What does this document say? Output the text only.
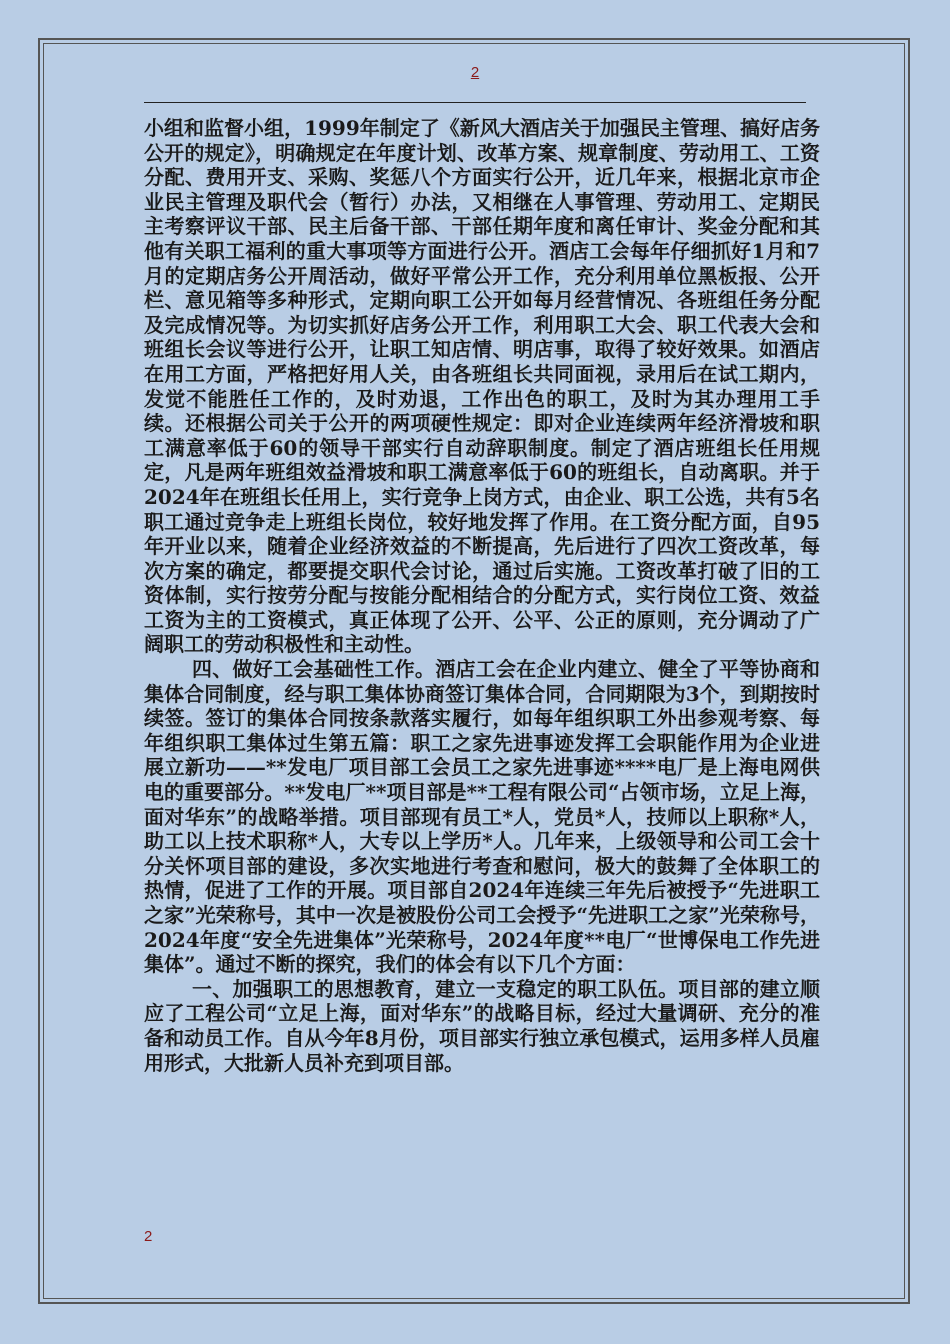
2

小组和监督小组，1999年制定了《新风大酒店关于加强民主管理、搞好店务公开的规定》，明确规定在年度计划、改革方案、规章制度、劳动用工、工资分配、费用开支、采购、奖惩八个方面实行公开，近几年来，根据北京市企业民主管理及职代会（暂行）办法，又相继在人事管理、劳动用工、定期民主考察评议干部、民主后备干部、干部任期年度和离任审计、奖金分配和其他有关职工福利的重大事项等方面进行公开。酒店工会每年仔细抓好1月和7月的定期店务公开周活动，做好平常公开工作，充分利用单位黑板报、公开栏、意见箱等多种形式，定期向职工公开如每月经营情况、各班组任务分配及完成情况等。为切实抓好店务公开工作，利用职工大会、职工代表大会和班组长会议等进行公开，让职工知店情、明店事，取得了较好效果。如酒店在用工方面，严格把好用人关，由各班组长共同面视，录用后在试工期内，发觉不能胜任工作的，及时劝退，工作出色的职工，及时为其办理用工手续。还根据公司关于公开的两项硬性规定：即对企业连续两年经济滑坡和职工满意率低于60的领导干部实行自动辞职制度。制定了酒店班组长任用规定，凡是两年班组效益滑坡和职工满意率低于60的班组长，自动离职。并于2024年在班组长任用上，实行竞争上岗方式，由企业、职工公选，共有5名职工通过竞争走上班组长岗位，较好地发挥了作用。在工资分配方面，自95年开业以来，随着企业经济效益的不断提高，先后进行了四次工资改革，每次方案的确定，都要提交职代会讨论，通过后实施。工资改革打破了旧的工资体制，实行按劳分配与按能分配相结合的分配方式，实行岗位工资、效益工资为主的工资模式，真正体现了公开、公平、公正的原则，充分调动了广阔职工的劳动积极性和主动性。

四、做好工会基础性工作。酒店工会在企业内建立、健全了平等协商和集体合同制度，经与职工集体协商签订集体合同，合同期限为3个，到期按时续签。签订的集体合同按条款落实履行，如每年组织职工外出参观考察、每年组织职工集体过生第五篇：职工之家先进事迹发挥工会职能作用为企业进展立新功——**发电厂项目部工会员工之家先进事迹****电厂是上海电网供电的重要部分。**发电厂**项目部是**工程有限公司“占领市场，立足上海，面对华东”的战略举措。项目部现有员工*人，党员*人，技师以上职称*人，助工以上技术职称*人，大专以上学历*人。几年来，上级领导和公司工会十分关怀项目部的建设，多次实地进行考查和慰问，极大的鼓舞了全体职工的热情，促进了工作的开展。项目部自2024年连续三年先后被授予“先进职工之家”光荣称号，其中一次是被股份公司工会授予“先进职工之家”光荣称号，2024年度“安全先进集体”光荣称号，2024年度**电厂“世博保电工作先进集体”。通过不断的探究，我们的体会有以下几个方面：

一、加强职工的思想教育，建立一支稳定的职工队伍。项目部的建立顺应了工程公司“立足上海，面对华东”的战略目标，经过大量调研、充分的准备和动员工作。自从今年8月份，项目部实行独立承包模式，运用多样人员雇用形式，大批新人员补充到项目部。

2
